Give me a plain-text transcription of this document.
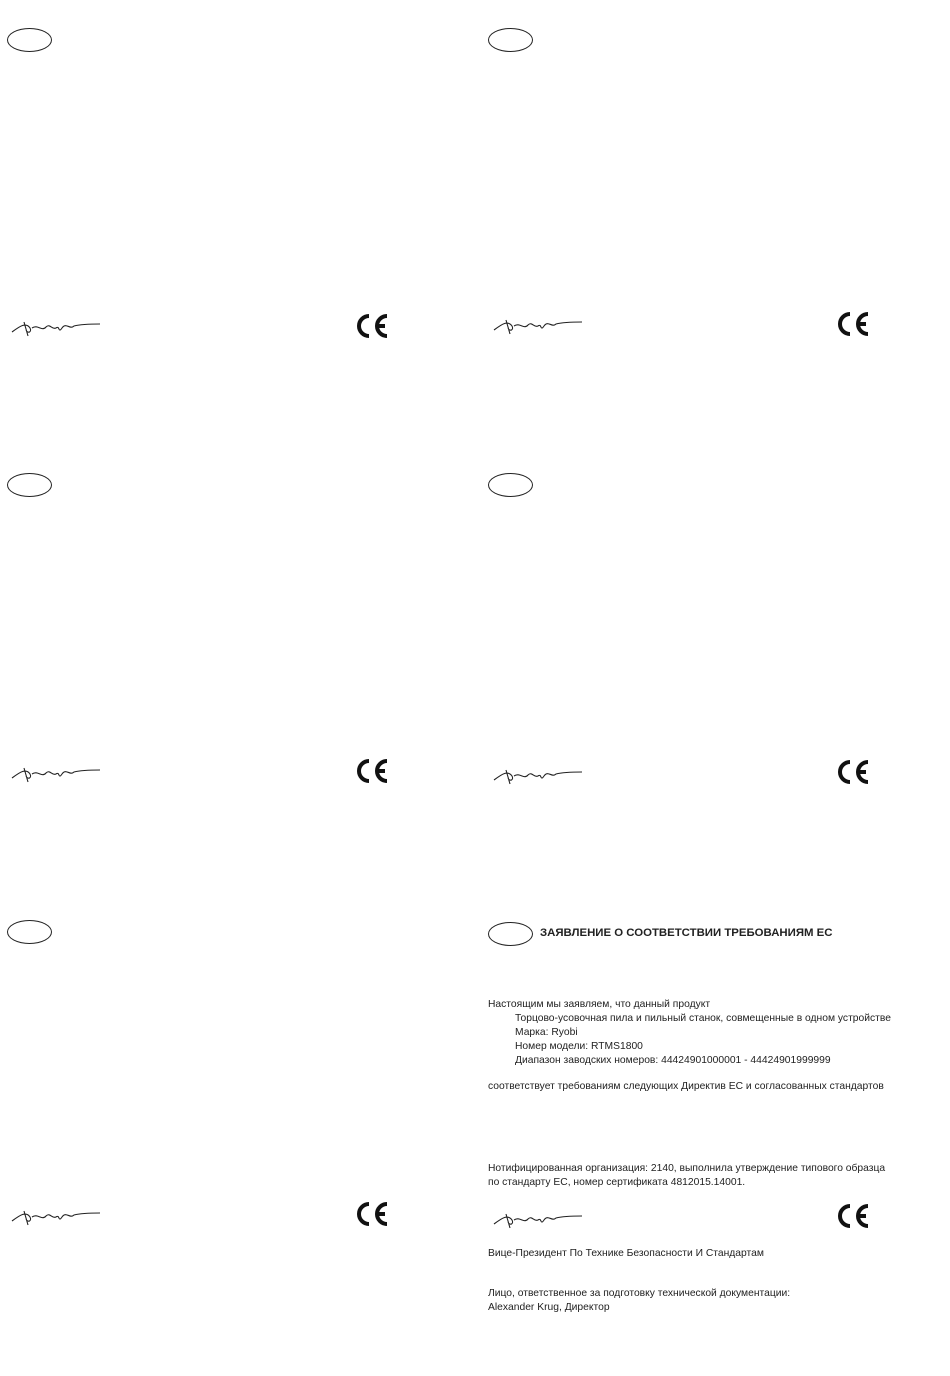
ЗАЯВЛЕНИЕ О СООТВЕТСТВИИ ТРЕБОВАНИЯМ ЕС
Настоящим мы заявляем, что данный продукт
Торцово-усовочная пила и пильный станок, совмещенные в одном устройстве
Марка: Ryobi
Номер модели: RTMS1800
Диапазон заводских номеров: 44424901000001 - 44424901999999
соответствует требованиям следующих Директив ЕС и согласованных стандартов
Нотифицированная организация: 2140, выполнила утверждение типового образца
по стандарту ЕС, номер сертификата 4812015.14001.
Вице-Президент По Технике Безопасности И Стандартам
Лицо, ответственное за подготовку технической документации:
Alexander Krug, Директор
